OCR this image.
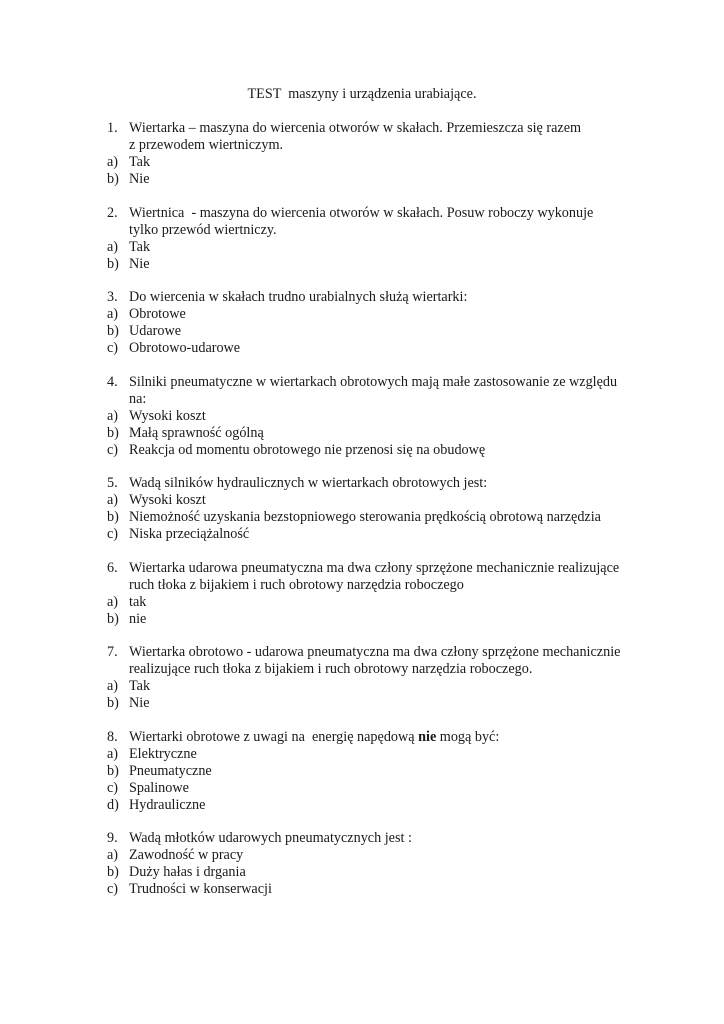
TEST  maszyny i urządzenia urabiające.
1. Wiertarka – maszyna do wiercenia otworów w skałach. Przemieszcza się razem
z przewodem wiertniczym.
a) Tak
b) Nie
2. Wiertnica  - maszyna do wiercenia otworów w skałach. Posuw roboczy wykonuje
tylko przewód wiertniczy.
a) Tak
b) Nie
3. Do wiercenia w skałach trudno urabialnych służą wiertarki:
a) Obrotowe
b) Udarowe
c) Obrotowo-udarowe
4. Silniki pneumatyczne w wiertarkach obrotowych mają małe zastosowanie ze względu
na:
a) Wysoki koszt
b) Małą sprawność ogólną
c) Reakcja od momentu obrotowego nie przenosi się na obudowę
5. Wadą silników hydraulicznych w wiertarkach obrotowych jest:
a) Wysoki koszt
b) Niemożność uzyskania bezstopniowego sterowania prędkością obrotową narzędzia
c) Niska przeciążalność
6. Wiertarka udarowa pneumatyczna ma dwa człony sprzężone mechanicznie realizujące
ruch tłoka z bijakiem i ruch obrotowy narzędzia roboczego
a) tak
b) nie
7. Wiertarka obrotowo - udarowa pneumatyczna ma dwa człony sprzężone mechanicznie
realizujące ruch tłoka z bijakiem i ruch obrotowy narzędzia roboczego.
a) Tak
b) Nie
8. Wiertarki obrotowe z uwagi na  energię napędową nie mogą być:
a) Elektryczne
b) Pneumatyczne
c) Spalinowe
d) Hydrauliczne
9. Wadą młotków udarowych pneumatycznych jest :
a) Zawodność w pracy
b) Duży hałas i drgania
c) Trudności w konserwacji
